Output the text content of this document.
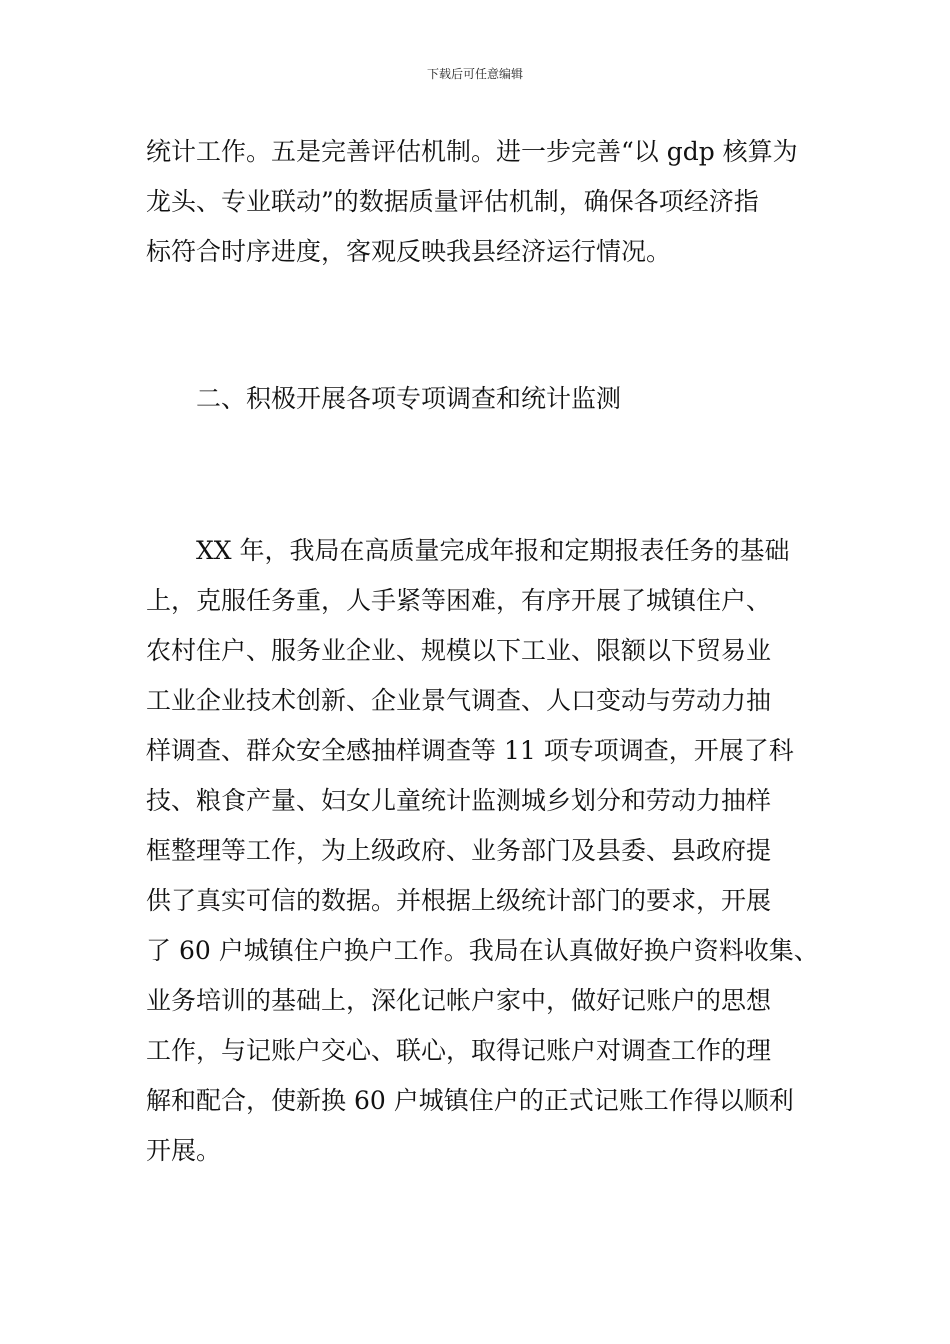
下载后可任意编辑

统计工作。五是完善评估机制。进一步完善“以 gdp 核算为
龙头、专业联动”的数据质量评估机制，确保各项经济指
标符合时序进度，客观反映我县经济运行情况。

二、积极开展各项专项调查和统计监测

XX 年，我局在高质量完成年报和定期报表任务的基础
上，克服任务重，人手紧等困难，有序开展了城镇住户、
农村住户、服务业企业、规模以下工业、限额以下贸易业
工业企业技术创新、企业景气调查、人口变动与劳动力抽
样调查、群众安全感抽样调查等 11 项专项调查，开展了科
技、粮食产量、妇女儿童统计监测城乡划分和劳动力抽样
框整理等工作，为上级政府、业务部门及县委、县政府提
供了真实可信的数据。并根据上级统计部门的要求，开展
了 60 户城镇住户换户工作。我局在认真做好换户资料收集、
业务培训的基础上，深化记帐户家中，做好记账户的思想
工作，与记账户交心、联心，取得记账户对调查工作的理
解和配合，使新换 60 户城镇住户的正式记账工作得以顺利
开展。
